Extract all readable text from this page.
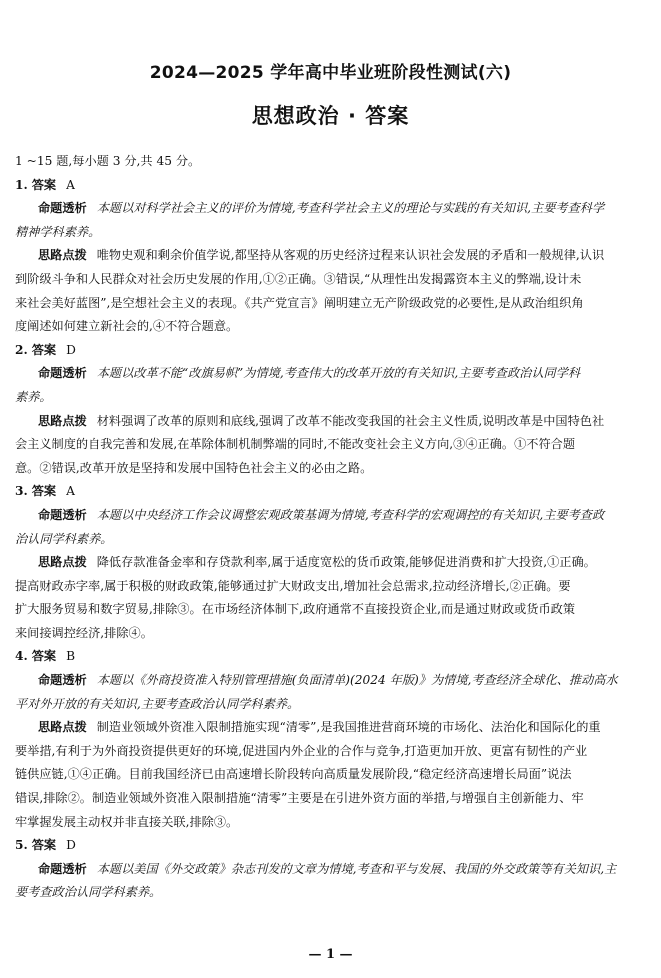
2024—2025 学年高中毕业班阶段性测试(六)
思想政治 · 答案
1 ~15 题,每小题 3 分,共 45 分。
1. 答案 A
命题透析 本题以对科学社会主义的评价为情境,考查科学社会主义的理论与实践的有关知识,主要考查科学
精神学科素养。
思路点拨 唯物史观和剩余价值学说,都坚持从客观的历史经济过程来认识社会发展的矛盾和一般规律,认识
到阶级斗争和人民群众对社会历史发展的作用,①②正确。③错误,“从理性出发揭露资本主义的弊端,设计未
来社会美好蓝图”,是空想社会主义的表现。《共产党宣言》阐明建立无产阶级政党的必要性,是从政治组织角
度阐述如何建立新社会的,④不符合题意。
2. 答案 D
命题透析 本题以改革不能“改旗易帜”为情境,考查伟大的改革开放的有关知识,主要考查政治认同学科
素养。
思路点拨 材料强调了改革的原则和底线,强调了改革不能改变我国的社会主义性质,说明改革是中国特色社
会主义制度的自我完善和发展,在革除体制机制弊端的同时,不能改变社会主义方向,③④正确。①不符合题
意。②错误,改革开放是坚持和发展中国特色社会主义的必由之路。
3. 答案 A
命题透析 本题以中央经济工作会议调整宏观政策基调为情境,考查科学的宏观调控的有关知识,主要考查政
治认同学科素养。
思路点拨 降低存款准备金率和存贷款利率,属于适度宽松的货币政策,能够促进消费和扩大投资,①正确。
提高财政赤字率,属于积极的财政政策,能够通过扩大财政支出,增加社会总需求,拉动经济增长,②正确。要
扩大服务贸易和数字贸易,排除③。在市场经济体制下,政府通常不直接投资企业,而是通过财政或货币政策
来间接调控经济,排除④。
4. 答案 B
命题透析 本题以《外商投资准入特别管理措施(负面清单)(2024 年版)》为情境,考查经济全球化、推动高水
平对外开放的有关知识,主要考查政治认同学科素养。
思路点拨 制造业领域外资准入限制措施实现“清零”,是我国推进营商环境的市场化、法治化和国际化的重
要举措,有利于为外商投资提供更好的环境,促进国内外企业的合作与竞争,打造更加开放、更富有韧性的产业
链供应链,①④正确。目前我国经济已由高速增长阶段转向高质量发展阶段,“稳定经济高速增长局面”说法
错误,排除②。制造业领域外资准入限制措施“清零”主要是在引进外资方面的举措,与增强自主创新能力、牢
牢掌握发展主动权并非直接关联,排除③。
5. 答案 D
命题透析 本题以美国《外交政策》杂志刊发的文章为情境,考查和平与发展、我国的外交政策等有关知识,主
要考查政治认同学科素养。
— 1 —
